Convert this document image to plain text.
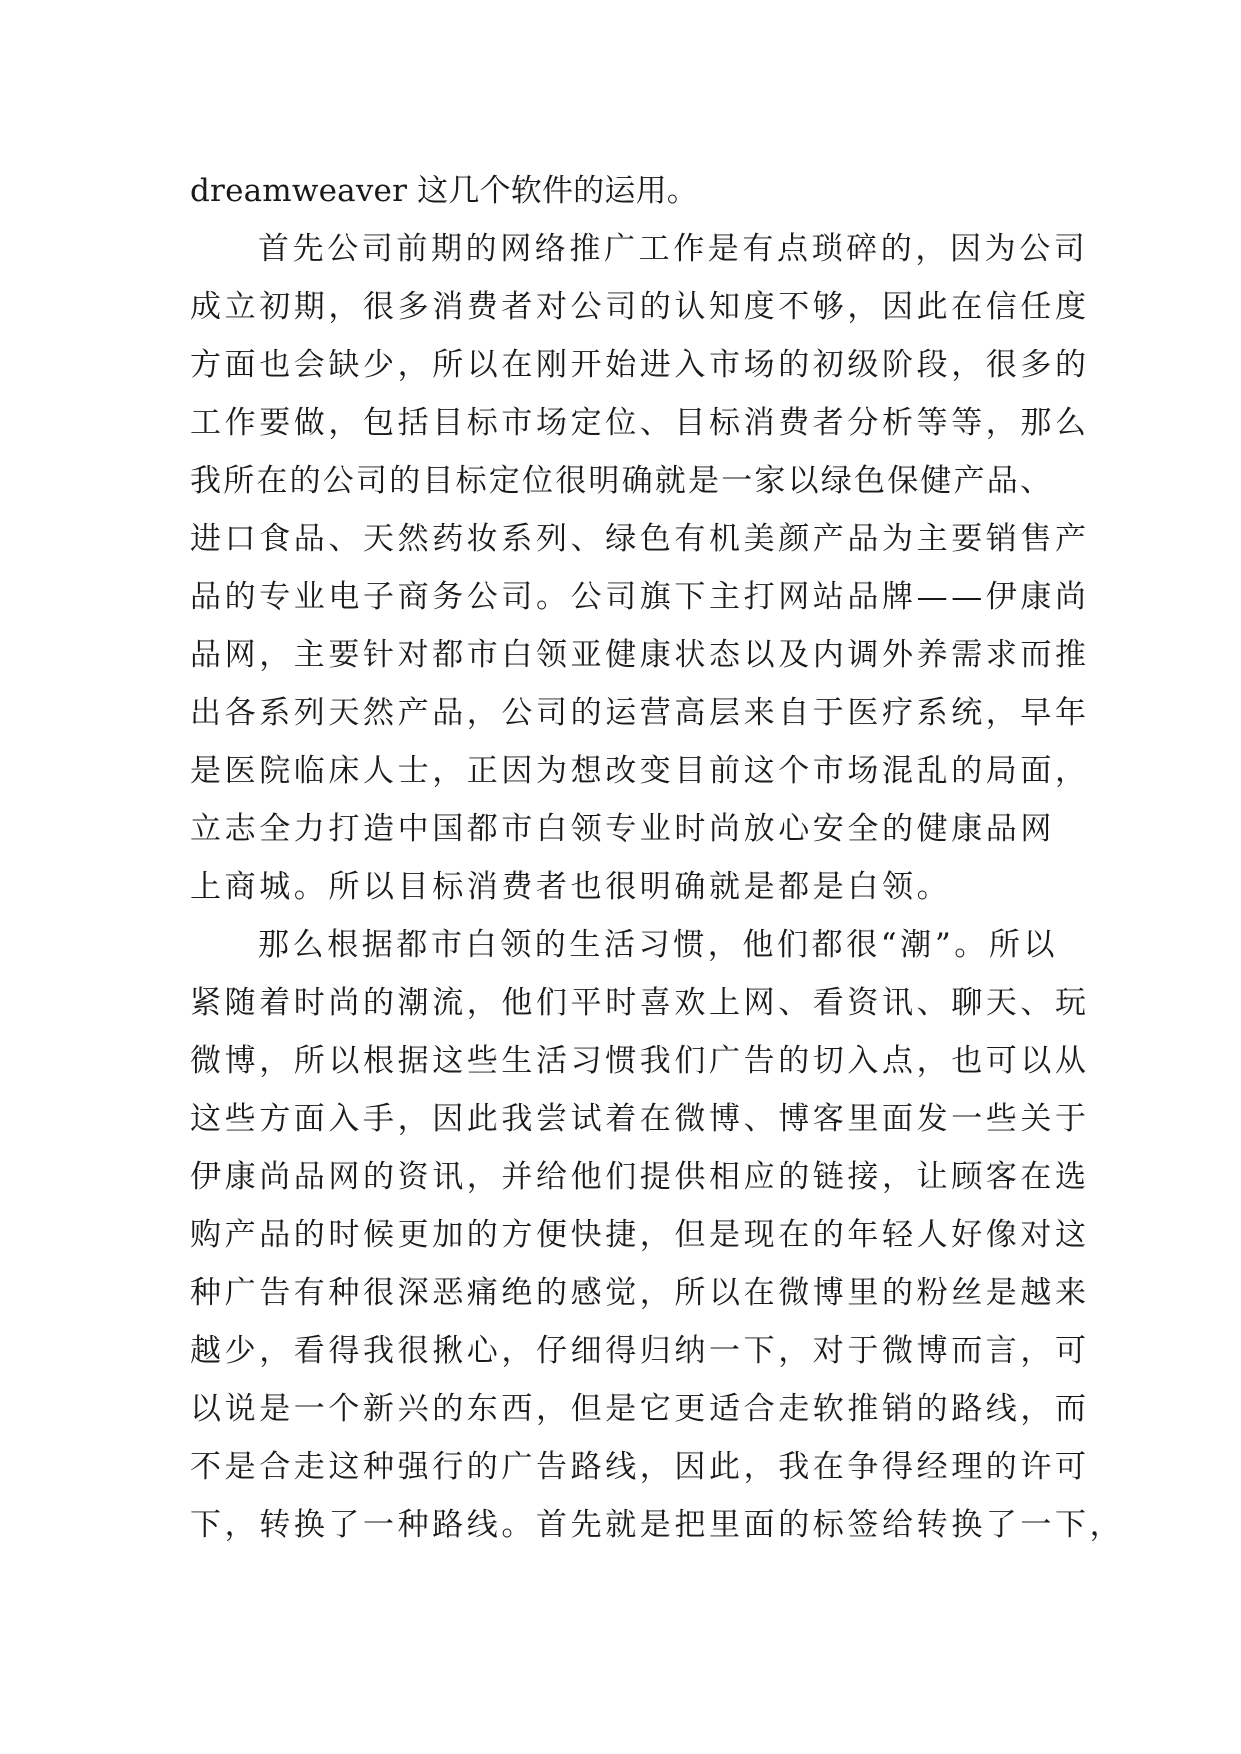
dreamweaver 这几个软件的运用。
首先公司前期的网络推广工作是有点琐碎的，因为公司
成立初期，很多消费者对公司的认知度不够，因此在信任度
方面也会缺少，所以在刚开始进入市场的初级阶段，很多的
工作要做，包括目标市场定位、目标消费者分析等等，那么
我所在的公司的目标定位很明确就是一家以绿色保健产品、
进口食品、天然药妆系列、绿色有机美颜产品为主要销售产
品的专业电子商务公司。公司旗下主打网站品牌——伊康尚
品网，主要针对都市白领亚健康状态以及内调外养需求而推
出各系列天然产品，公司的运营高层来自于医疗系统，早年
是医院临床人士，正因为想改变目前这个市场混乱的局面，
立志全力打造中国都市白领专业时尚放心安全的健康品网
上商城。所以目标消费者也很明确就是都是白领。
那么根据都市白领的生活习惯，他们都很“潮”。所以
紧随着时尚的潮流，他们平时喜欢上网、看资讯、聊天、玩
微博，所以根据这些生活习惯我们广告的切入点，也可以从
这些方面入手，因此我尝试着在微博、博客里面发一些关于
伊康尚品网的资讯，并给他们提供相应的链接，让顾客在选
购产品的时候更加的方便快捷，但是现在的年轻人好像对这
种广告有种很深恶痛绝的感觉，所以在微博里的粉丝是越来
越少，看得我很揪心，仔细得归纳一下，对于微博而言，可
以说是一个新兴的东西，但是它更适合走软推销的路线，而
不是合走这种强行的广告路线，因此，我在争得经理的许可
下，转换了一种路线。首先就是把里面的标签给转换了一下，
